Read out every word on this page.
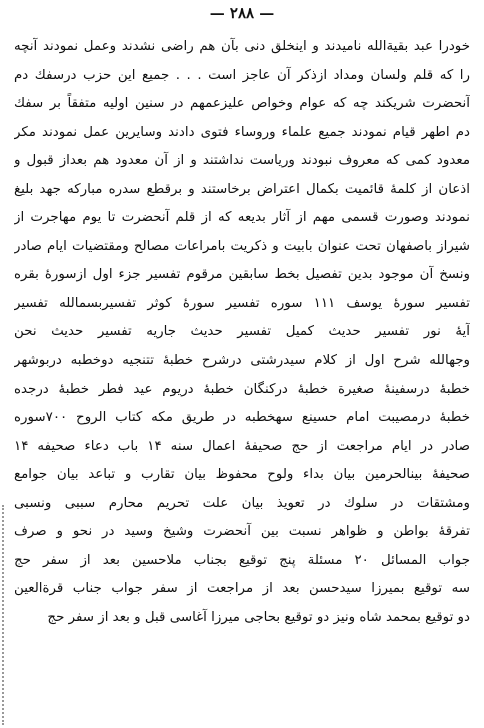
— ۲۸۸ —
خودرا عبد بقیةالله نامیدند و اینخلق دنی بآن هم راضی نشدند وعمل نمودند آنچه
را که قلم ولسان ومداد ازذکر آن عاجز است . . . جمیع این حزب درسفك دم
آنحضرت شریکند چه که عوام وخواص علیزعمهم در سنین اولیه متفقاً بر سفك
دم اطهر قیام نمودند جمیع علماء وروساء فتوی دادند وسایرین عمل نمودند مکر
معدود کمی که معروف نبودند وریاست نداشتند و از آن معدود هم بعداز قبول و
اذعان از کلمهٔ قائمیت بکمال اعتراض برخاستند و برقطع سدره مبارکه جهد بلیغ
نمودند وصورت قسمی مهم از آثار بدیعه که از قلم آنحضرت تا یوم مهاجرت از
شیراز باصفهان تحت عنوان بابیت و ذکریت بامراعات مصالح ومقتضیات ایام صادر
ونسخ آن موجود بدین تفصیل بخط سابقین مرقوم تفسیر جزء اول ازسورهٔ بقره
تفسیر سورهٔ یوسف ۱۱۱ سوره تفسیر سورهٔ کوثر تفسیربسمالله تفسیر
آیهٔ نور تفسیر حدیث کمیل تفسیر حدیث جاریه تفسیر حدیث نحن
وجهالله شرح اول از کلام سیدرشتی درشرح خطبهٔ تتنجیه دوخطبه دربوشهر
خطبهٔ درسفینهٔ صغیرة خطبهٔ درکنگان خطبهٔ دریوم عید فطر خطبهٔ درجده
خطبهٔ درمصیبت امام حسینع سهخطبه در طریق مکه کتاب الروح ۷۰۰سوره
صادر در ایام مراجعت از حج صحیفهٔ اعمال سنه ۱۴ باب دعاء صحیفه ۱۴
صحیفهٔ بینالحرمین بیان بداء ولوح محفوظ بیان تقارب و تباعد بیان جوامع
ومشتقات در سلوك در تعویذ بیان علت تحریم محارم سببی ونسبی
تفرقهٔ بواطن و ظواهر نسبت بین آنحضرت وشیخ وسید در نحو و صرف
جواب المسائل ۲۰ مسئلة پنج توقیع بجناب ملاحسین بعد از سفر حج
سه توقیع بمیرزا سیدحسن بعد از مراجعت از سفر جواب جناب قرةالعین
دو توقیع بمحمد شاه ونیز دو توقیع بحاجی میرزا آغاسی قبل و بعد از سفر حج
